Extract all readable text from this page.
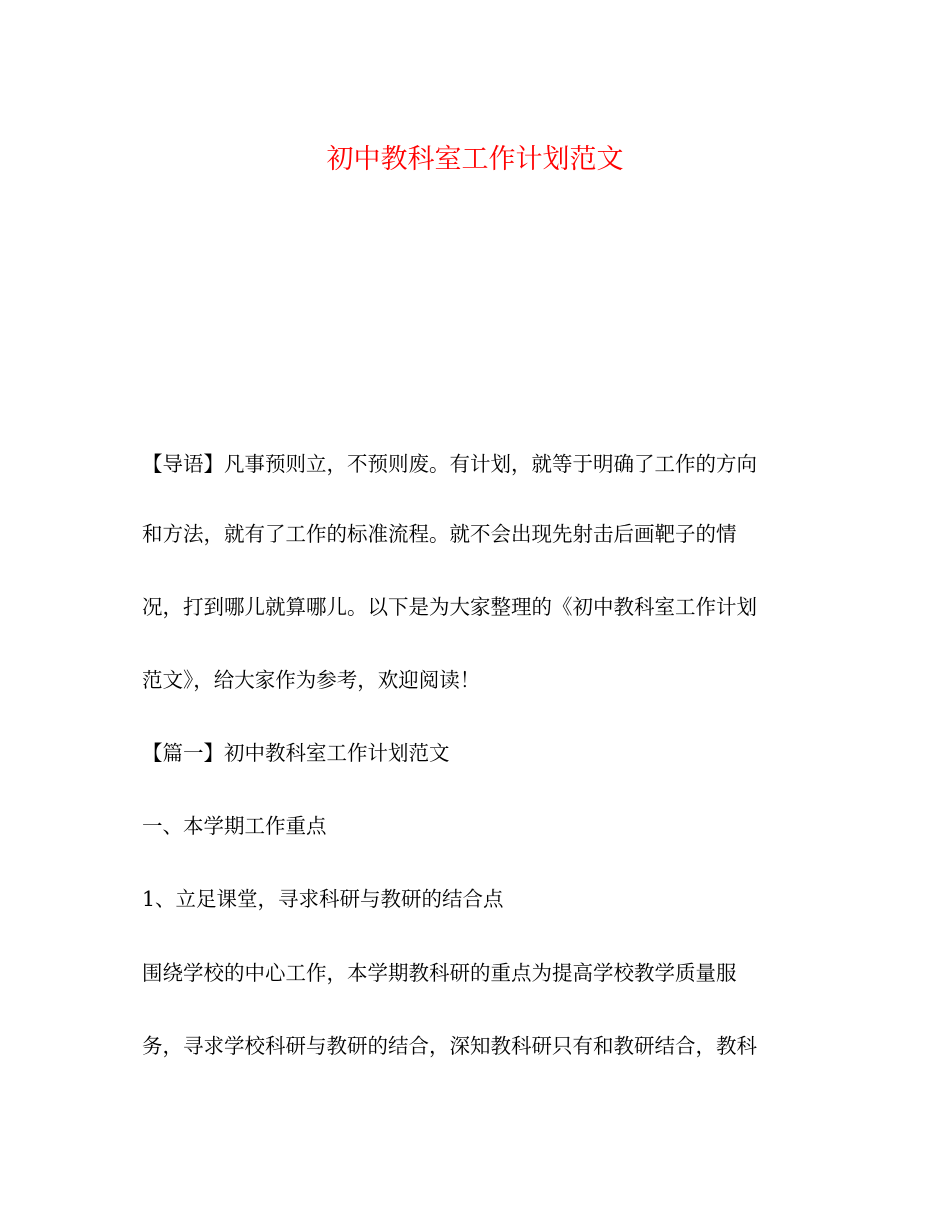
初中教科室工作计划范文

【导语】凡事预则立，不预则废。有计划，就等于明确了工作的方向

和方法，就有了工作的标准流程。就不会出现先射击后画靶子的情

况，打到哪儿就算哪儿。以下是为大家整理的《初中教科室工作计划

范文》，给大家作为参考，欢迎阅读！

【篇一】初中教科室工作计划范文

一、本学期工作重点

1、立足课堂，寻求科研与教研的结合点

围绕学校的中心工作，本学期教科研的重点为提高学校教学质量服

务，寻求学校科研与教研的结合，深知教科研只有和教研结合，教科
